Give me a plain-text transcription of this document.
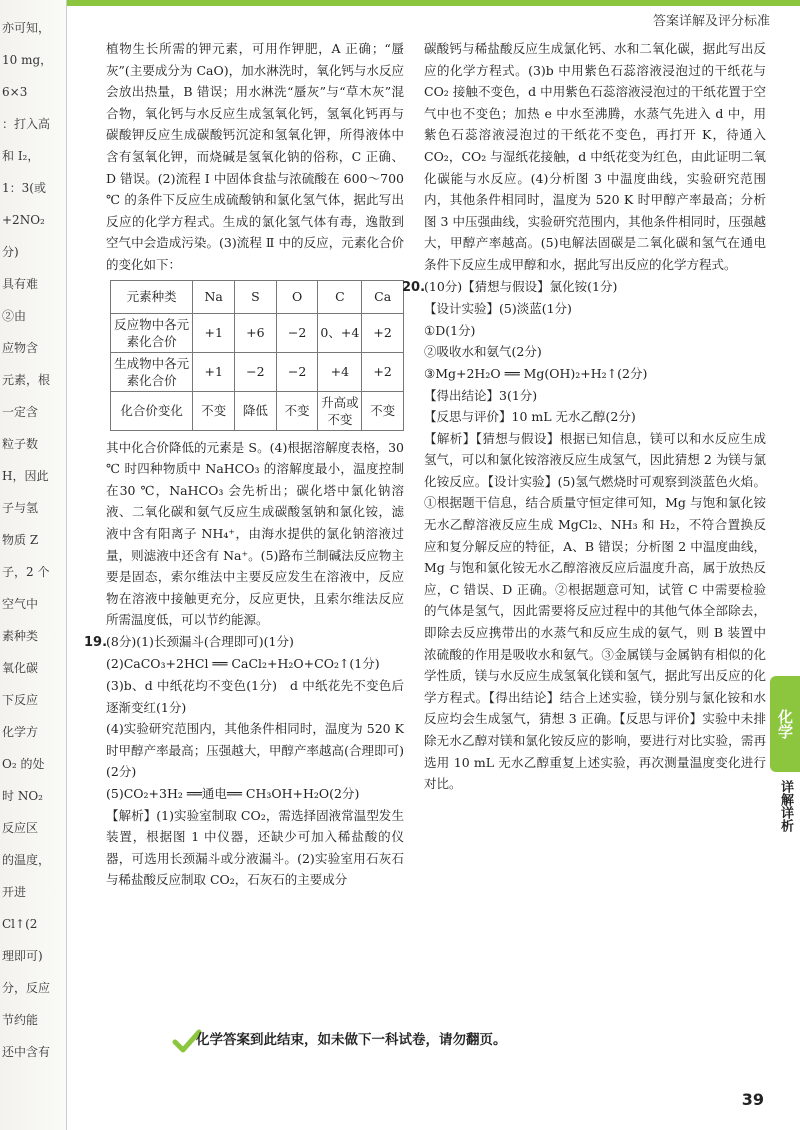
答案详解及评分标准
亦可知，
10 mg，
6×3
：打入高
和 I₂，
1：3(或
+2NO₂
分)
具有难
②由
应物含
元素，根
一定含
粒子数
H，因此
子与氢
物质 Z
子，2 个
空气中
素种类
氧化碳
下反应
化学方
O₂ 的处
时 NO₂
反应区
的温度，
开进
Cl↑(2
理即可)
分，反应
节约能
还中含有

植物生长所需的钾元素，可用作钾肥，A 正确；“蜃灰”(主要成分为 CaO)，加水淋洗时，氧化钙与水反应会放出热量，B 错误；用水淋洗“蜃灰”与“草木灰”混合物，氧化钙与水反应生成氢氧化钙，氢氧化钙再与碳酸钾反应生成碳酸钙沉淀和氢氧化钾，所得液体中含有氢氧化钾，而烧碱是氢氧化钠的俗称，C 正确、D 错误。(2)流程 Ⅰ 中固体食盐与浓硫酸在 600～700 ℃ 的条件下反应生成硫酸钠和氯化氢气体，据此写出反应的化学方程式。生成的氯化氢气体有毒，逸散到空气中会造成污染。(3)流程 Ⅱ 中的反应，元素化合价的变化如下：

元素种类	Na	S	O	C	Ca
反应物中各元素化合价	+1	+6	−2	0、+4	+2
生成物中各元素化合价	+1	−2	−2	+4	+2
化合价变化	不变	降低	不变	升高或不变	不变

其中化合价降低的元素是 S。(4)根据溶解度表格，30 ℃ 时四种物质中 NaHCO₃ 的溶解度最小，温度控制在30 ℃，NaHCO₃ 会先析出；碳化塔中氯化钠溶液、二氧化碳和氨气反应生成碳酸氢钠和氯化铵，滤液中含有阳离子 NH₄⁺，由海水提供的氯化钠溶液过量，则滤液中还含有 Na⁺。(5)路布兰制碱法反应物主要是固态，索尔维法中主要反应发生在溶液中，反应物在溶液中接触更充分，反应更快，且索尔维法反应所需温度低，可以节约能源。

19.(8分)(1)长颈漏斗(合理即可)(1分)

(2)CaCO₃+2HCl ══ CaCl₂+H₂O+CO₂↑(1分)

(3)b、d 中纸花均不变色(1分)　d 中纸花先不变色后逐渐变红(1分)

(4)实验研究范围内，其他条件相同时，温度为 520 K 时甲醇产率最高；压强越大，甲醇产率越高(合理即可)(2分)

(5)CO₂+3H₂ ══通电══ CH₃OH+H₂O(2分)

【解析】(1)实验室制取 CO₂，需选择固液常温型发生装置，根据图 1 中仪器，还缺少可加入稀盐酸的仪器，可选用长颈漏斗或分液漏斗。(2)实验室用石灰石与稀盐酸反应制取 CO₂，石灰石的主要成分

碳酸钙与稀盐酸反应生成氯化钙、水和二氧化碳，据此写出反应的化学方程式。(3)b 中用紫色石蕊溶液浸泡过的干纸花与 CO₂ 接触不变色，d 中用紫色石蕊溶液浸泡过的干纸花置于空气中也不变色；加热 e 中水至沸腾，水蒸气先进入 d 中，用紫色石蕊溶液浸泡过的干纸花不变色，再打开 K，待通入 CO₂，CO₂ 与湿纸花接触，d 中纸花变为红色，由此证明二氧化碳能与水反应。(4)分析图 3 中温度曲线，实验研究范围内，其他条件相同时，温度为 520 K 时甲醇产率最高；分析图 3 中压强曲线，实验研究范围内，其他条件相同时，压强越大，甲醇产率越高。(5)电解法固碳是二氧化碳和氢气在通电条件下反应生成甲醇和水，据此写出反应的化学方程式。

20.(10分)【猜想与假设】氯化铵(1分)

【设计实验】(5)淡蓝(1分)

①D(1分)

②吸收水和氨气(2分)

③Mg+2H₂O ══ Mg(OH)₂+H₂↑(2分)

【得出结论】3(1分)

【反思与评价】10 mL 无水乙醇(2分)

【解析】【猜想与假设】根据已知信息，镁可以和水反应生成氢气，可以和氯化铵溶液反应生成氢气，因此猜想 2 为镁与氯化铵反应。【设计实验】(5)氢气燃烧时可观察到淡蓝色火焰。①根据题干信息，结合质量守恒定律可知，Mg 与饱和氯化铵无水乙醇溶液反应生成 MgCl₂、NH₃ 和 H₂，不符合置换反应和复分解反应的特征，A、B 错误；分析图 2 中温度曲线，Mg 与饱和氯化铵无水乙醇溶液反应后温度升高，属于放热反应，C 错误、D 正确。②根据题意可知，试管 C 中需要检验的气体是氢气，因此需要将反应过程中的其他气体全部除去，即除去反应携带出的水蒸气和反应生成的氨气，则 B 装置中浓硫酸的作用是吸收水和氨气。③金属镁与金属钠有相似的化学性质，镁与水反应生成氢氧化镁和氢气，据此写出反应的化学方程式。【得出结论】结合上述实验，镁分别与氯化铵和水反应均会生成氢气，猜想 3 正确。【反思与评价】实验中未排除无水乙醇对镁和氯化铵反应的影响，要进行对比实验，需再选用 10 mL 无水乙醇重复上述实验，再次测量温度变化进行对比。

化学
详解详析
化学答案到此结束，如未做下一科试卷，请勿翻页。
39
